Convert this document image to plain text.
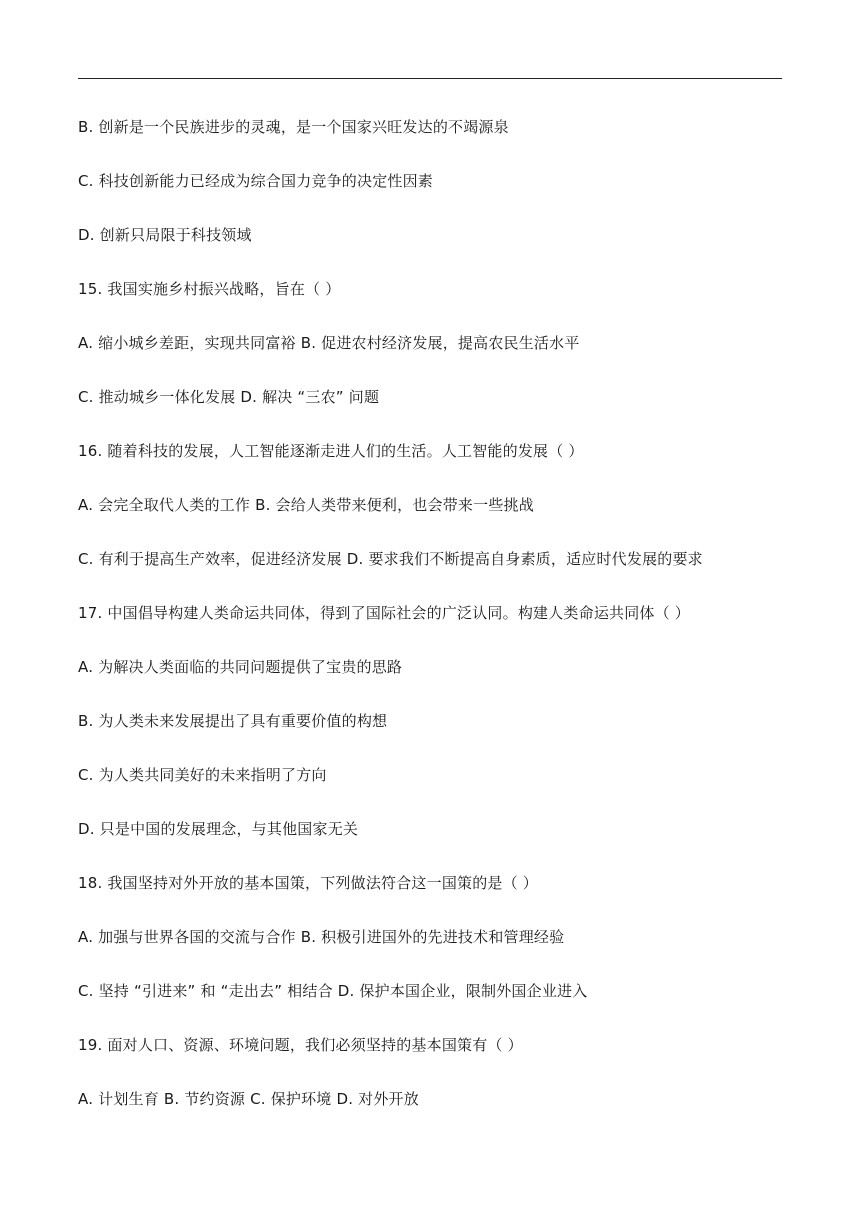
B. 创新是一个民族进步的灵魂，是一个国家兴旺发达的不竭源泉
C. 科技创新能力已经成为综合国力竞争的决定性因素
D. 创新只局限于科技领域
15. 我国实施乡村振兴战略，旨在（ ）
A. 缩小城乡差距，实现共同富裕 B. 促进农村经济发展，提高农民生活水平
C. 推动城乡一体化发展 D. 解决 “三农” 问题
16. 随着科技的发展，人工智能逐渐走进人们的生活。人工智能的发展（ ）
A. 会完全取代人类的工作 B. 会给人类带来便利，也会带来一些挑战
C. 有利于提高生产效率，促进经济发展 D. 要求我们不断提高自身素质，适应时代发展的要求
17. 中国倡导构建人类命运共同体，得到了国际社会的广泛认同。构建人类命运共同体（ ）
A. 为解决人类面临的共同问题提供了宝贵的思路
B. 为人类未来发展提出了具有重要价值的构想
C. 为人类共同美好的未来指明了方向
D. 只是中国的发展理念，与其他国家无关
18. 我国坚持对外开放的基本国策，下列做法符合这一国策的是（ ）
A. 加强与世界各国的交流与合作 B. 积极引进国外的先进技术和管理经验
C. 坚持 “引进来” 和 “走出去” 相结合 D. 保护本国企业，限制外国企业进入
19. 面对人口、资源、环境问题，我们必须坚持的基本国策有（ ）
A. 计划生育 B. 节约资源 C. 保护环境 D. 对外开放
